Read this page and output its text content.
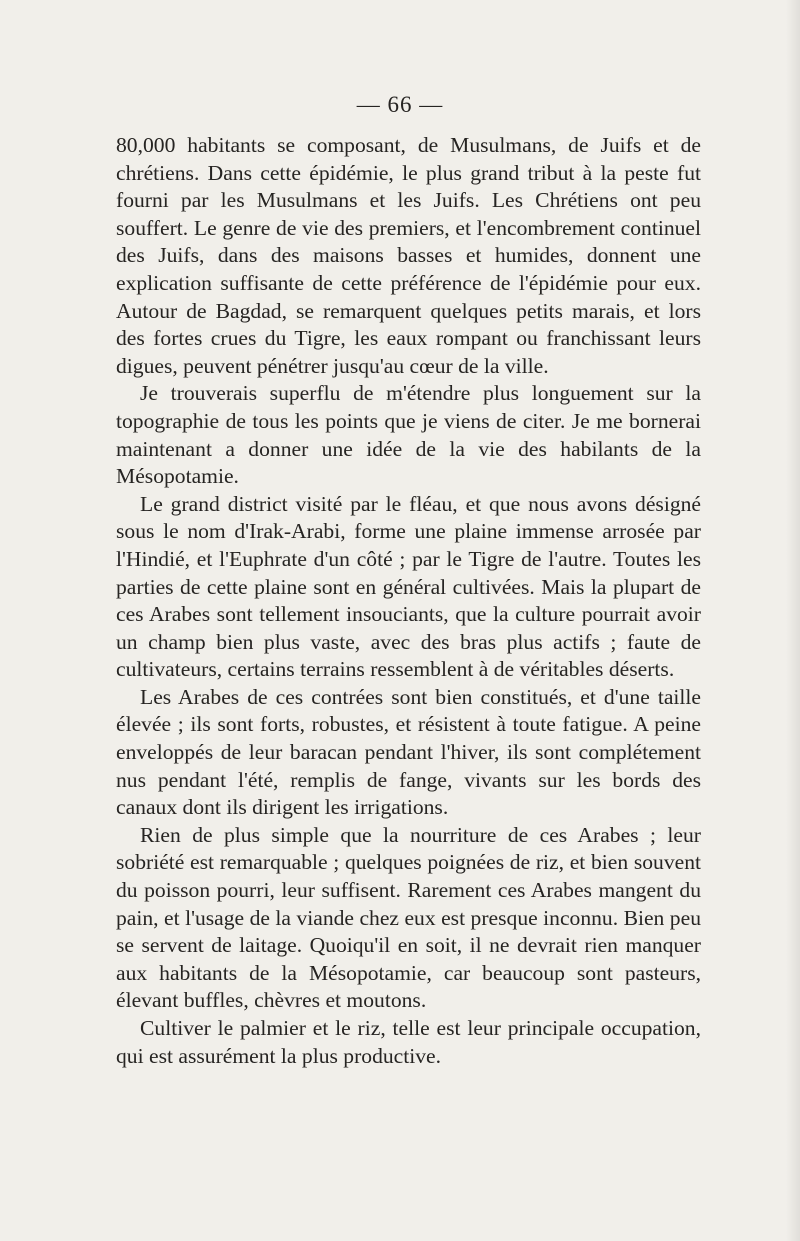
— 66 —

80,000 habitants se composant, de Musulmans, de Juifs et de chrétiens. Dans cette épidémie, le plus grand tribut à la peste fut fourni par les Musulmans et les Juifs. Les Chrétiens ont peu souffert. Le genre de vie des premiers, et l'encombrement continuel des Juifs, dans des maisons basses et humides, donnent une explication suffisante de cette préférence de l'épidémie pour eux. Autour de Bagdad, se remarquent quelques petits marais, et lors des fortes crues du Tigre, les eaux rompant ou franchissant leurs digues, peuvent pénétrer jusqu'au cœur de la ville.

Je trouverais superflu de m'étendre plus longuement sur la topographie de tous les points que je viens de citer. Je me bornerai maintenant a donner une idée de la vie des habilants de la Mésopotamie.

Le grand district visité par le fléau, et que nous avons désigné sous le nom d'Irak-Arabi, forme une plaine immense arrosée par l'Hindié, et l'Euphrate d'un côté ; par le Tigre de l'autre. Toutes les parties de cette plaine sont en général cultivées. Mais la plupart de ces Arabes sont tellement insouciants, que la culture pourrait avoir un champ bien plus vaste, avec des bras plus actifs ; faute de cultivateurs, certains terrains ressemblent à de véritables déserts.

Les Arabes de ces contrées sont bien constitués, et d'une taille élevée ; ils sont forts, robustes, et résistent à toute fatigue. A peine enveloppés de leur baracan pendant l'hiver, ils sont complétement nus pendant l'été, remplis de fange, vivants sur les bords des canaux dont ils dirigent les irrigations.

Rien de plus simple que la nourriture de ces Arabes ; leur sobriété est remarquable ; quelques poignées de riz, et bien souvent du poisson pourri, leur suffisent. Rarement ces Arabes mangent du pain, et l'usage de la viande chez eux est presque inconnu. Bien peu se servent de laitage. Quoiqu'il en soit, il ne devrait rien manquer aux habitants de la Mésopotamie, car beaucoup sont pasteurs, élevant buffles, chèvres et moutons.

Cultiver le palmier et le riz, telle est leur principale occupation, qui est assurément la plus productive.
